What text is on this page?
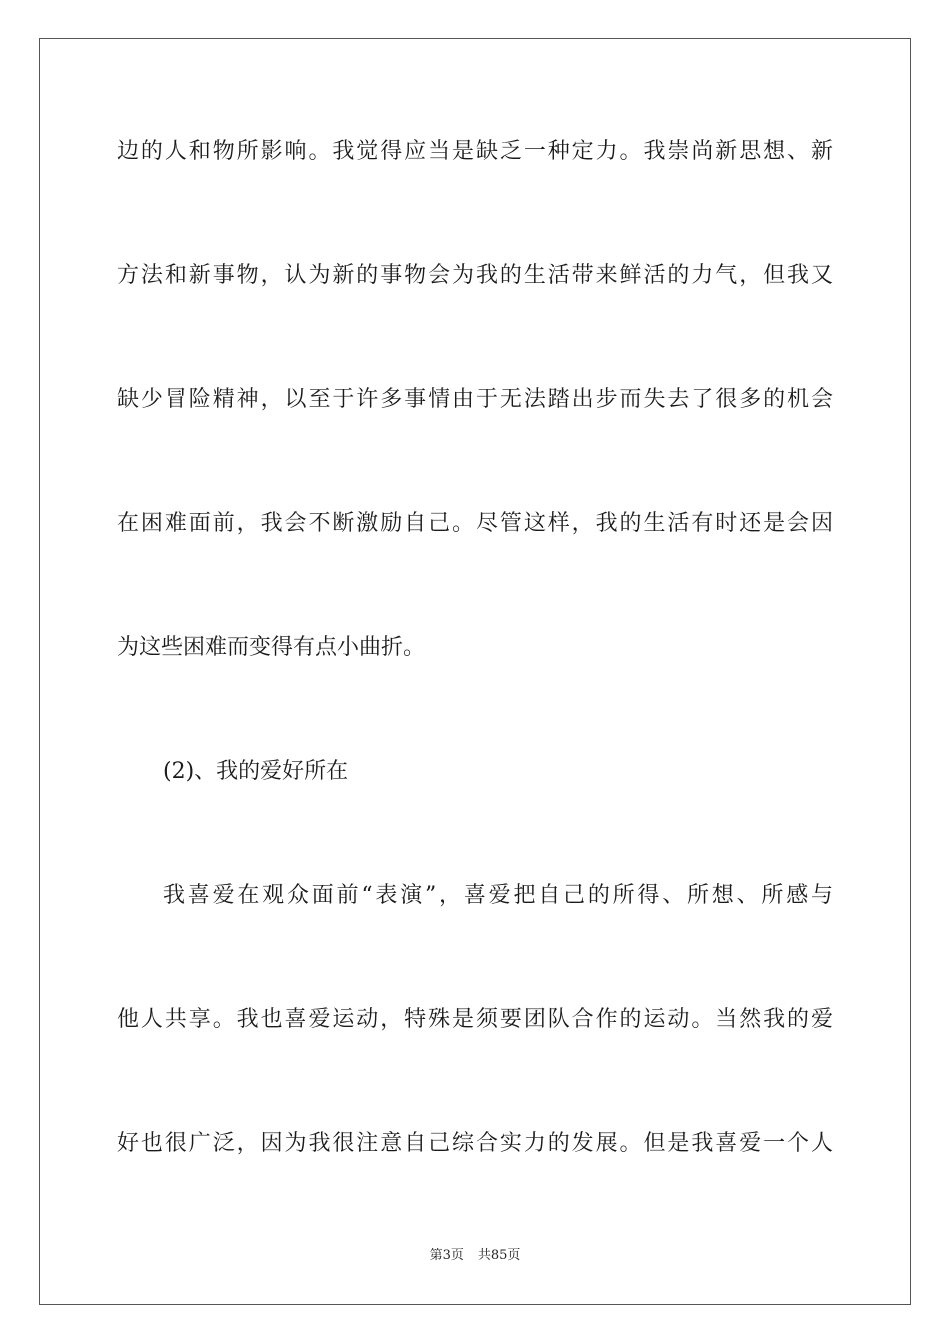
边的人和物所影响。我觉得应当是缺乏一种定力。我崇尚新思想、新
方法和新事物，认为新的事物会为我的生活带来鲜活的力气，但我又
缺少冒险精神，以至于许多事情由于无法踏出步而失去了很多的机会
在困难面前，我会不断激励自己。尽管这样，我的生活有时还是会因
为这些困难而变得有点小曲折。
(2)、我的爱好所在
我喜爱在观众面前“表演”，喜爱把自己的所得、所想、所感与
他人共享。我也喜爱运动，特殊是须要团队合作的运动。当然我的爱
好也很广泛，因为我很注意自己综合实力的发展。但是我喜爱一个人
第3页 共85页
